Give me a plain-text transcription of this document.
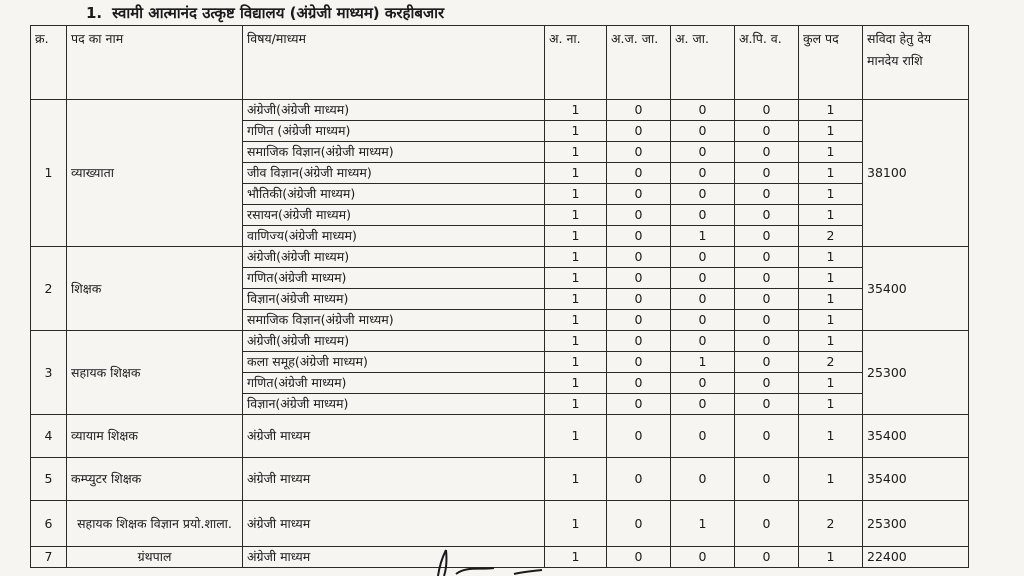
1. स्वामी आत्मानंद उत्कृष्ट विद्यालय (अंग्रेजी माध्यम) करहीबजार
क्र.	पद का नाम	विषय/माध्यम	अ. ना.	अ.ज. जा.	अ. जा.	अ.पि. व.	कुल पद	सविदा हेतु देय मानदेय राशि
1	व्याख्याता	अंग्रेजी(अंग्रेजी माध्यम)	1	0	0	0	1	38100
		गणित (अंग्रेजी माध्यम)	1	0	0	0	1	
		समाजिक विज्ञान(अंग्रेजी माध्यम)	1	0	0	0	1	
		जीव विज्ञान(अंग्रेजी माध्यम)	1	0	0	0	1	
		भौतिकी(अंग्रेजी माध्यम)	1	0	0	0	1	
		रसायन(अंग्रेजी माध्यम)	1	0	0	0	1	
		वाणिज्य(अंग्रेजी माध्यम)	1	0	1	0	2	
2	शिक्षक	अंग्रेजी(अंग्रेजी माध्यम)	1	0	0	0	1	35400
		गणित(अंग्रेजी माध्यम)	1	0	0	0	1	
		विज्ञान(अंग्रेजी माध्यम)	1	0	0	0	1	
		समाजिक विज्ञान(अंग्रेजी माध्यम)	1	0	0	0	1	
3	सहायक शिक्षक	अंग्रेजी(अंग्रेजी माध्यम)	1	0	0	0	1	25300
		कला समूह(अंग्रेजी माध्यम)	1	0	1	0	2	
		गणित(अंग्रेजी माध्यम)	1	0	0	0	1	
		विज्ञान(अंग्रेजी माध्यम)	1	0	0	0	1	
4	व्यायाम शिक्षक	अंग्रेजी माध्यम	1	0	0	0	1	35400
5	कम्प्युटर शिक्षक	अंग्रेजी माध्यम	1	0	0	0	1	35400
6	सहायक शिक्षक विज्ञान प्रयो.शाला.	अंग्रेजी माध्यम	1	0	1	0	2	25300
7	ग्रंथपाल	अंग्रेजी माध्यम	1	0	0	0	1	22400
